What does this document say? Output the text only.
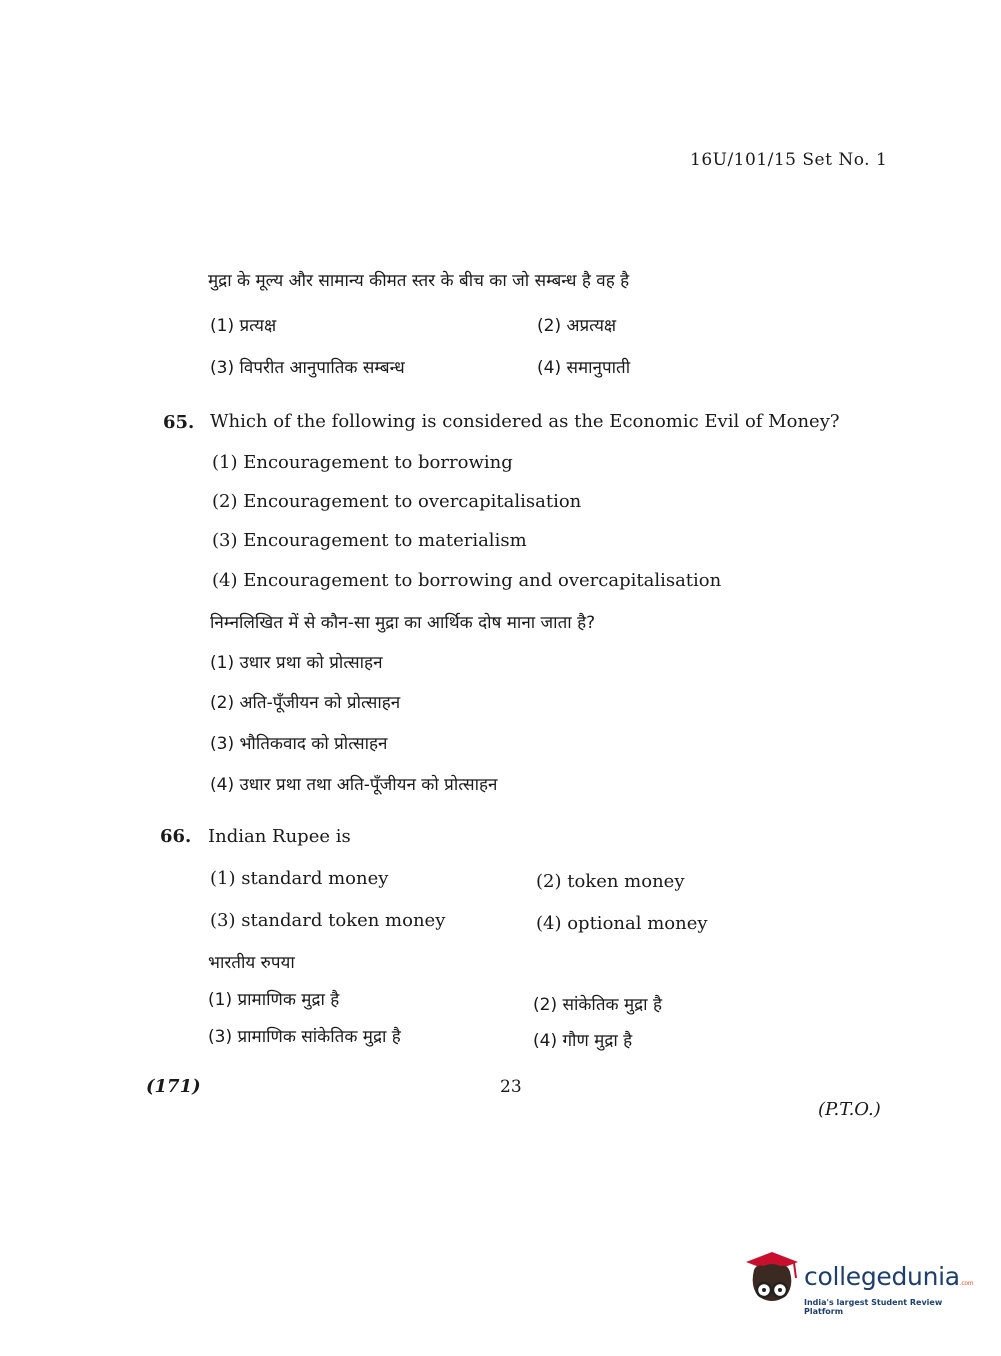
16U/101/15 Set No. 1
मुद्रा के मूल्य और सामान्य कीमत स्तर के बीच का जो सम्बन्ध है वह है
(1) प्रत्यक्ष	(2) अप्रत्यक्ष
(3) विपरीत आनुपातिक सम्बन्ध	(4) समानुपाती
65. Which of the following is considered as the Economic Evil of Money?
(1) Encouragement to borrowing
(2) Encouragement to overcapitalisation
(3) Encouragement to materialism
(4) Encouragement to borrowing and overcapitalisation
निम्नलिखित में से कौन-सा मुद्रा का आर्थिक दोष माना जाता है?
(1) उधार प्रथा को प्रोत्साहन
(2) अति-पूँजीयन को प्रोत्साहन
(3) भौतिकवाद को प्रोत्साहन
(4) उधार प्रथा तथा अति-पूँजीयन को प्रोत्साहन
66. Indian Rupee is
(1) standard money	(2) token money
(3) standard token money	(4) optional money
भारतीय रुपया
(1) प्रामाणिक मुद्रा है	(2) सांकेतिक मुद्रा है
(3) प्रामाणिक सांकेतिक मुद्रा है	(4) गौण मुद्रा है
(171)	23
(P.T.O.)
collegedunia.com
India's largest Student Review Platform
